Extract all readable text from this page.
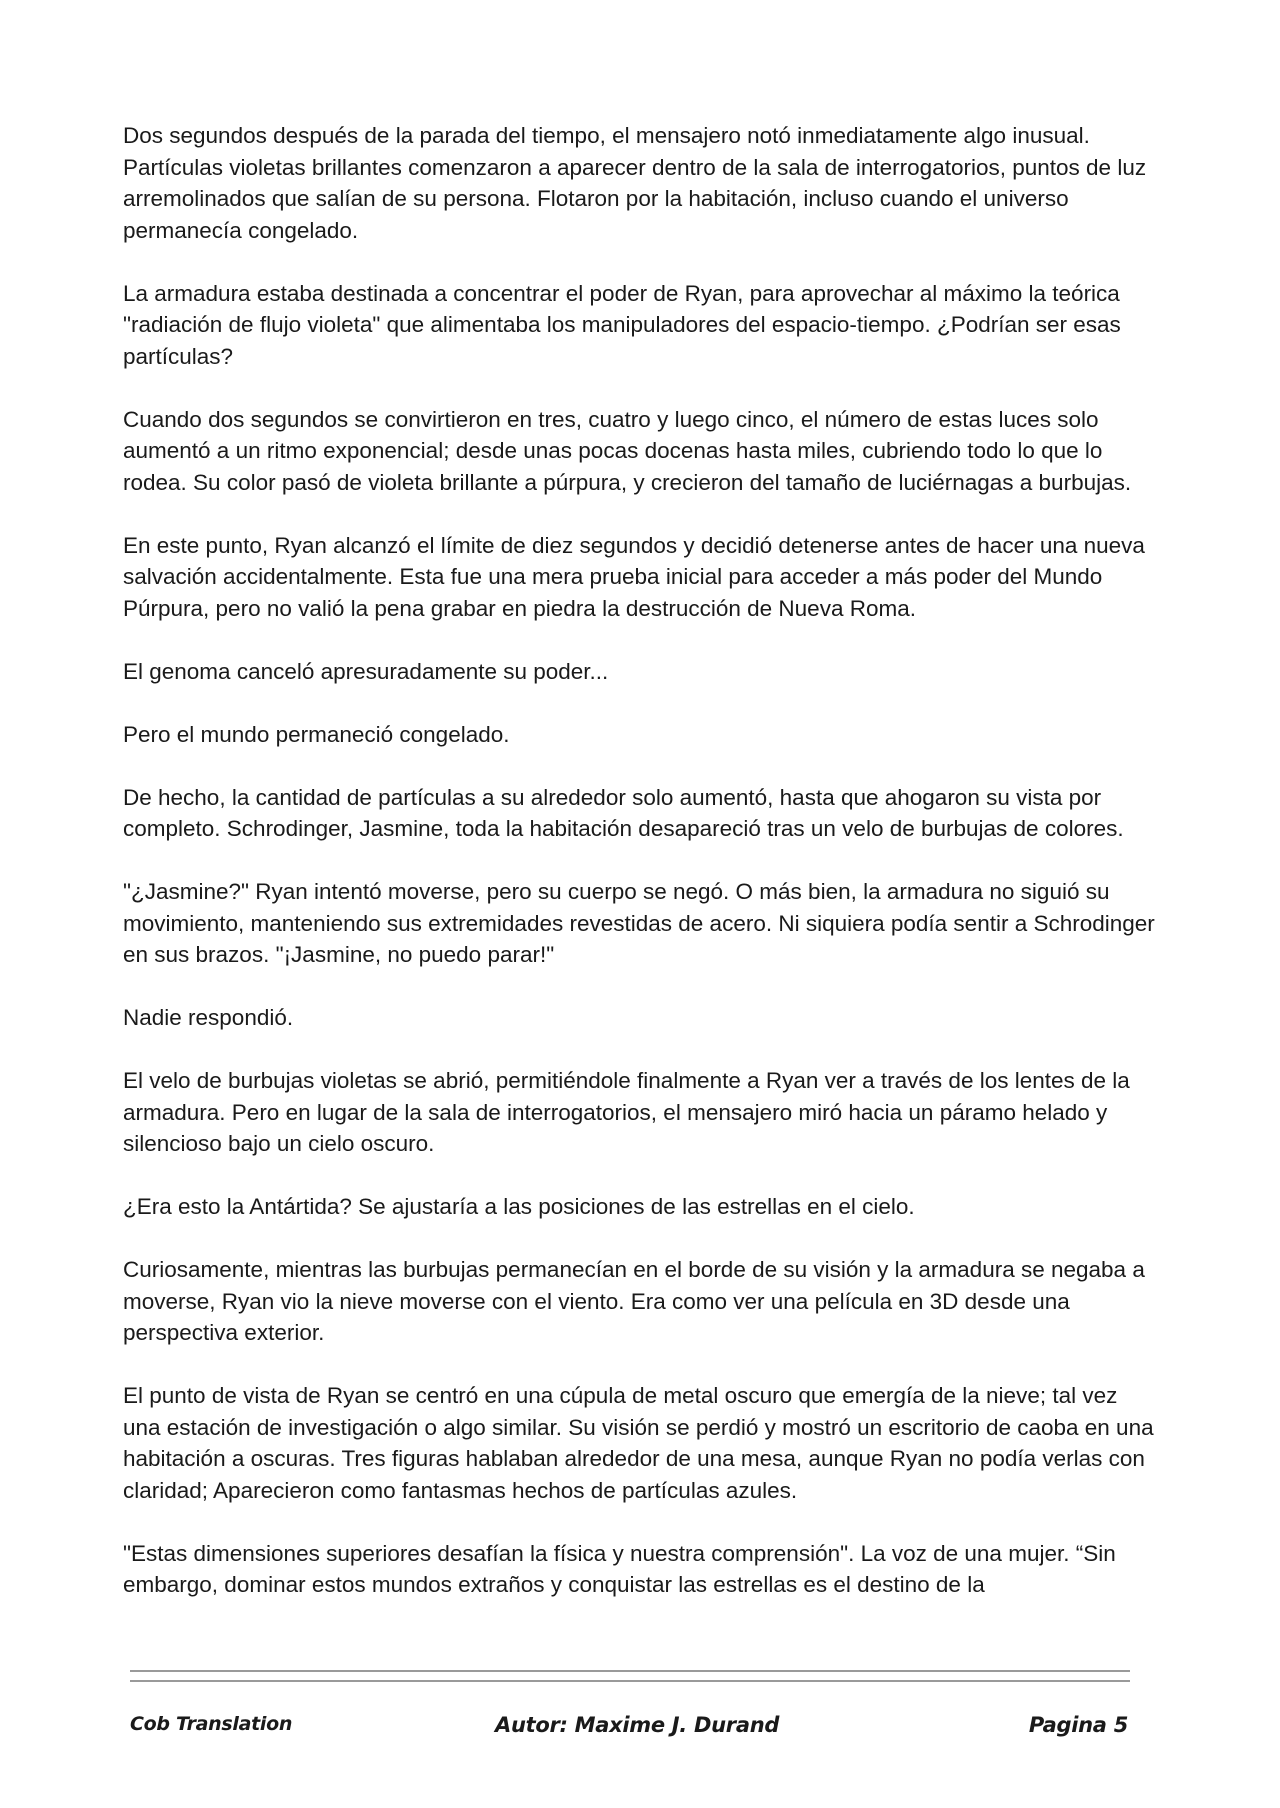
Dos segundos después de la parada del tiempo, el mensajero notó inmediatamente algo inusual. Partículas violetas brillantes comenzaron a aparecer dentro de la sala de interrogatorios, puntos de luz arremolinados que salían de su persona. Flotaron por la habitación, incluso cuando el universo permanecía congelado.

La armadura estaba destinada a concentrar el poder de Ryan, para aprovechar al máximo la teórica "radiación de flujo violeta" que alimentaba los manipuladores del espacio-tiempo. ¿Podrían ser esas partículas?

Cuando dos segundos se convirtieron en tres, cuatro y luego cinco, el número de estas luces solo aumentó a un ritmo exponencial; desde unas pocas docenas hasta miles, cubriendo todo lo que lo rodea. Su color pasó de violeta brillante a púrpura, y crecieron del tamaño de luciérnagas a burbujas.

En este punto, Ryan alcanzó el límite de diez segundos y decidió detenerse antes de hacer una nueva salvación accidentalmente. Esta fue una mera prueba inicial para acceder a más poder del Mundo Púrpura, pero no valió la pena grabar en piedra la destrucción de Nueva Roma.

El genoma canceló apresuradamente su poder...

Pero el mundo permaneció congelado.

De hecho, la cantidad de partículas a su alrededor solo aumentó, hasta que ahogaron su vista por completo. Schrodinger, Jasmine, toda la habitación desapareció tras un velo de burbujas de colores.

"¿Jasmine?" Ryan intentó moverse, pero su cuerpo se negó. O más bien, la armadura no siguió su movimiento, manteniendo sus extremidades revestidas de acero. Ni siquiera podía sentir a Schrodinger en sus brazos. "¡Jasmine, no puedo parar!"

Nadie respondió.

El velo de burbujas violetas se abrió, permitiéndole finalmente a Ryan ver a través de los lentes de la armadura. Pero en lugar de la sala de interrogatorios, el mensajero miró hacia un páramo helado y silencioso bajo un cielo oscuro.

¿Era esto la Antártida? Se ajustaría a las posiciones de las estrellas en el cielo.

Curiosamente, mientras las burbujas permanecían en el borde de su visión y la armadura se negaba a moverse, Ryan vio la nieve moverse con el viento. Era como ver una película en 3D desde una perspectiva exterior.

El punto de vista de Ryan se centró en una cúpula de metal oscuro que emergía de la nieve; tal vez una estación de investigación o algo similar. Su visión se perdió y mostró un escritorio de caoba en una habitación a oscuras. Tres figuras hablaban alrededor de una mesa, aunque Ryan no podía verlas con claridad; Aparecieron como fantasmas hechos de partículas azules.

"Estas dimensiones superiores desafían la física y nuestra comprensión". La voz de una mujer. “Sin embargo, dominar estos mundos extraños y conquistar las estrellas es el destino de la

Cob Translation	Autor: Maxime J. Durand	Pagina 5
